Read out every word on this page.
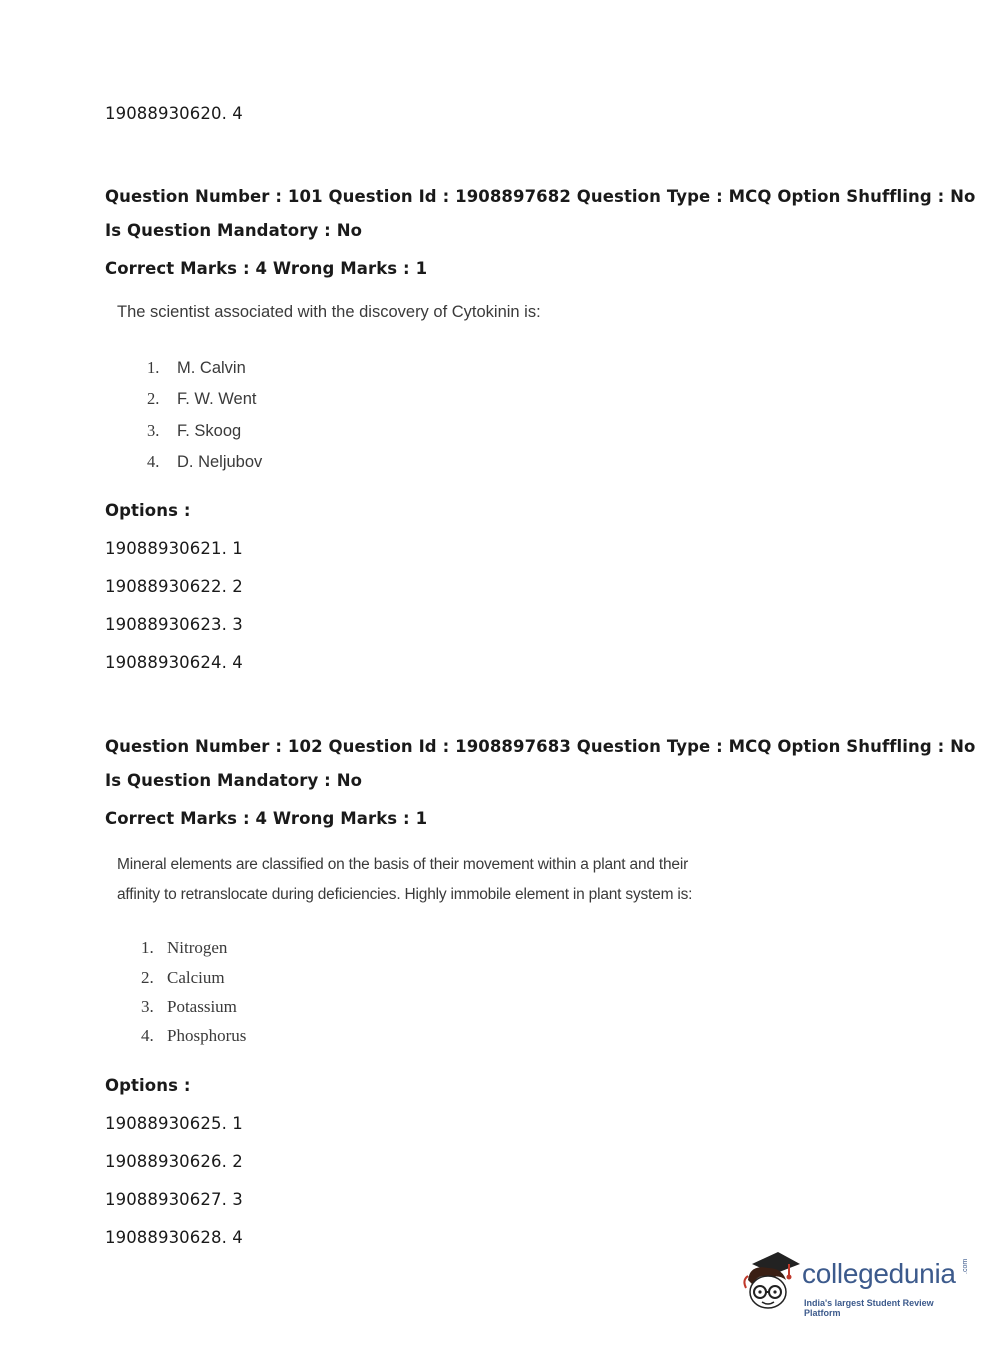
19088930620. 4
Question Number : 101 Question Id : 1908897682 Question Type : MCQ Option Shuffling : No
Is Question Mandatory : No
Correct Marks : 4 Wrong Marks : 1
The scientist associated with the discovery of Cytokinin is:
1. M. Calvin
2. F. W. Went
3. F. Skoog
4. D. Neljubov
Options :
19088930621. 1
19088930622. 2
19088930623. 3
19088930624. 4
Question Number : 102 Question Id : 1908897683 Question Type : MCQ Option Shuffling : No
Is Question Mandatory : No
Correct Marks : 4 Wrong Marks : 1
Mineral elements are classified on the basis of their movement within a plant and their
affinity to retranslocate during deficiencies. Highly immobile element in plant system is:
1. Nitrogen
2. Calcium
3. Potassium
4. Phosphorus
Options :
19088930625. 1
19088930626. 2
19088930627. 3
19088930628. 4
collegedunia .com
India's largest Student Review Platform
